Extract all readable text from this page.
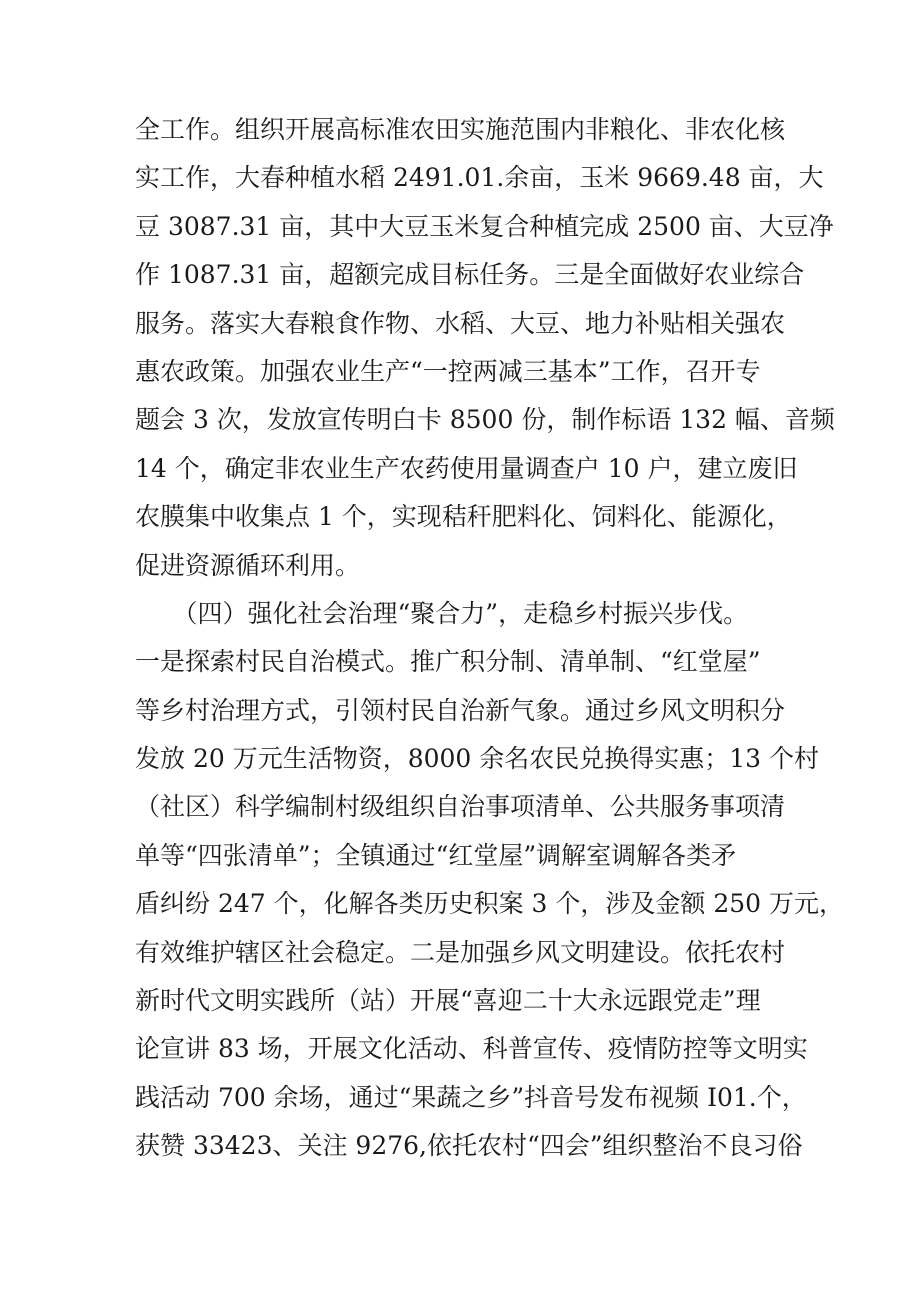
全工作。组织开展高标准农田实施范围内非粮化、非农化核
实工作，大春种植水稻 2491.01.余亩，玉米 9669.48 亩，大
豆 3087.31 亩，其中大豆玉米复合种植完成 2500 亩、大豆净
作 1087.31 亩，超额完成目标任务。三是全面做好农业综合
服务。落实大春粮食作物、水稻、大豆、地力补贴相关强农
惠农政策。加强农业生产“一控两减三基本”工作，召开专
题会 3 次，发放宣传明白卡 8500 份，制作标语 132 幅、音频
14 个，确定非农业生产农药使用量调查户 10 户，建立废旧
农膜集中收集点 1 个，实现秸秆肥料化、饲料化、能源化，
促进资源循环利用。
　　（四）强化社会治理“聚合力”，走稳乡村振兴步伐。
一是探索村民自治模式。推广积分制、清单制、“红堂屋”
等乡村治理方式，引领村民自治新气象。通过乡风文明积分
发放 20 万元生活物资，8000 余名农民兑换得实惠；13 个村
（社区）科学编制村级组织自治事项清单、公共服务事项清
单等“四张清单”；全镇通过“红堂屋”调解室调解各类矛
盾纠纷 247 个，化解各类历史积案 3 个，涉及金额 250 万元，
有效维护辖区社会稳定。二是加强乡风文明建设。依托农村
新时代文明实践所（站）开展“喜迎二十大永远跟党走”理
论宣讲 83 场，开展文化活动、科普宣传、疫情防控等文明实
践活动 700 余场，通过“果蔬之乡”抖音号发布视频 I01.个，
获赞 33423、关注 9276,依托农村“四会”组织整治不良习俗
